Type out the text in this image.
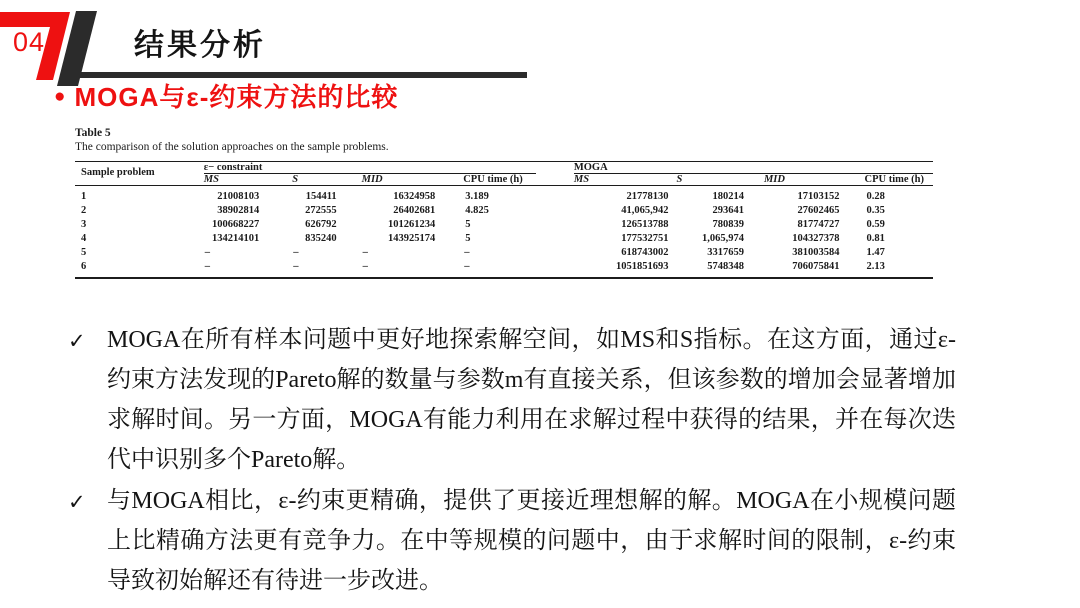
04	结果分析
● MOGA与ε-约束方法的比较
Table 5
The comparison of the solution approaches on the sample problems.
Sample problem	ε− constraint					MOGA			
	MS	S	MID	CPU time (h)		MS	S	MID	CPU time (h)
1	21008103	154411	16324958	3.189		21778130	180214	17103152	0.28
2	38902814	272555	26402681	4.825		41,065,942	293641	27602465	0.35
3	100668227	626792	101261234	5		126513788	780839	81774727	0.59
4	134214101	835240	143925174	5		177532751	1,065,974	104327378	0.81
5	–	–	–	–		618743002	3317659	381003584	1.47
6	–	–	–	–		1051851693	5748348	706075841	2.13
✓ MOGA在所有样本问题中更好地探索解空间，如MS和S指标。在这方面，通过ε-约束方法发现的Pareto解的数量与参数m有直接关系，但该参数的增加会显著增加求解时间。另一方面，MOGA有能力利用在求解过程中获得的结果，并在每次迭代中识别多个Pareto解。
✓ 与MOGA相比，ε-约束更精确，提供了更接近理想解的解。MOGA在小规模问题上比精确方法更有竞争力。在中等规模的问题中，由于求解时间的限制，ε-约束导致初始解还有待进一步改进。
